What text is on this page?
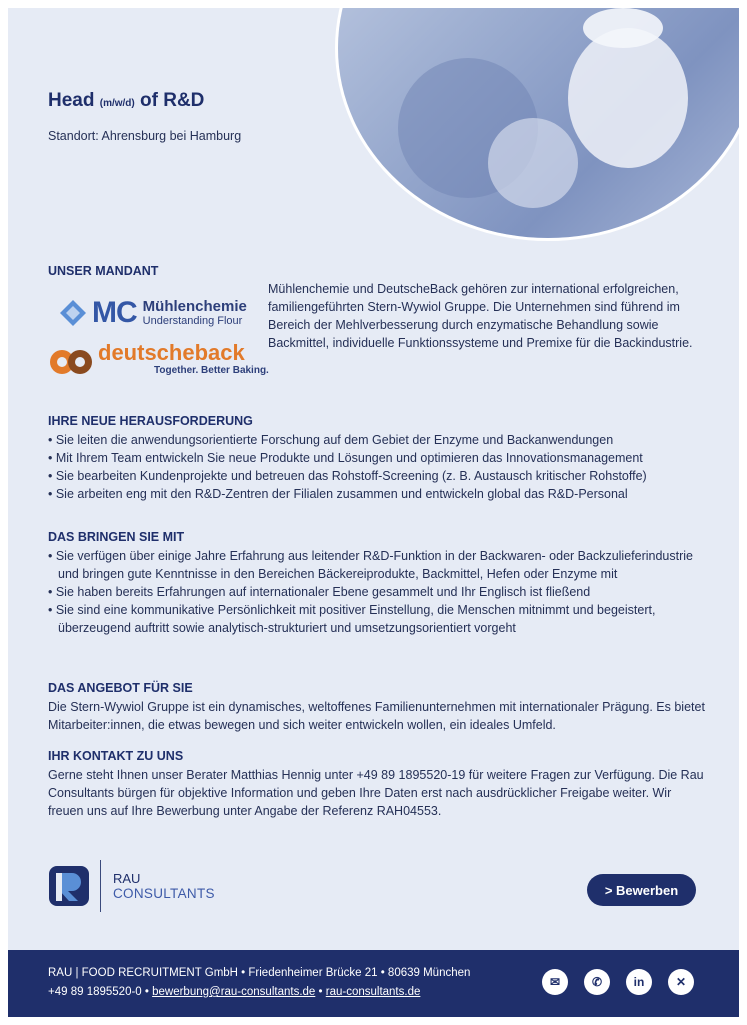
Head (m/w/d) of R&D
Standort: Ahrensburg bei Hamburg
UNSER MANDANT
MC Mühlenchemie
Understanding Flour
deutscheback
Together. Better Baking.
Mühlenchemie und DeutscheBack gehören zur international erfolgreichen, familiengeführten Stern-Wywiol Gruppe. Die Unternehmen sind führend im Bereich der Mehlverbesserung durch enzymatische Behandlung sowie Backmittel, individuelle Funktionssysteme und Premixe für die Backindustrie.
IHRE NEUE HERAUSFORDERUNG
• Sie leiten die anwendungsorientierte Forschung auf dem Gebiet der Enzyme und Backanwendungen
• Mit Ihrem Team entwickeln Sie neue Produkte und Lösungen und optimieren das Innovationsmanagement
• Sie bearbeiten Kundenprojekte und betreuen das Rohstoff-Screening (z. B. Austausch kritischer Rohstoffe)
• Sie arbeiten eng mit den R&D-Zentren der Filialen zusammen und entwickeln global das R&D-Personal
DAS BRINGEN SIE MIT
• Sie verfügen über einige Jahre Erfahrung aus leitender R&D-Funktion in der Backwaren- oder Backzulieferindustrie und bringen gute Kenntnisse in den Bereichen Bäckereiprodukte, Backmittel, Hefen oder Enzyme mit
• Sie haben bereits Erfahrungen auf internationaler Ebene gesammelt und Ihr Englisch ist fließend
• Sie sind eine kommunikative Persönlichkeit mit positiver Einstellung, die Menschen mitnimmt und begeistert, überzeugend auftritt sowie analytisch-strukturiert und umsetzungsorientiert vorgeht
DAS ANGEBOT FÜR SIE
Die Stern-Wywiol Gruppe ist ein dynamisches, weltoffenes Familienunternehmen mit internationaler Prägung. Es bietet Mitarbeiter:innen, die etwas bewegen und sich weiter entwickeln wollen, ein ideales Umfeld.
IHR KONTAKT ZU UNS
Gerne steht Ihnen unser Berater Matthias Hennig unter +49 89 1895520-19 für weitere Fragen zur Verfügung. Die Rau Consultants bürgen für objektive Information und geben Ihre Daten erst nach ausdrücklicher Freigabe weiter. Wir freuen uns auf Ihre Bewerbung unter Angabe der Referenz RAH04553.
RAU
CONSULTANTS	> Bewerben
RAU | FOOD RECRUITMENT GmbH • Friedenheimer Brücke 21 • 80639 München
+49 89 1895520-0 • bewerbung@rau-consultants.de • rau-consultants.de
✉	✆	in	✕
